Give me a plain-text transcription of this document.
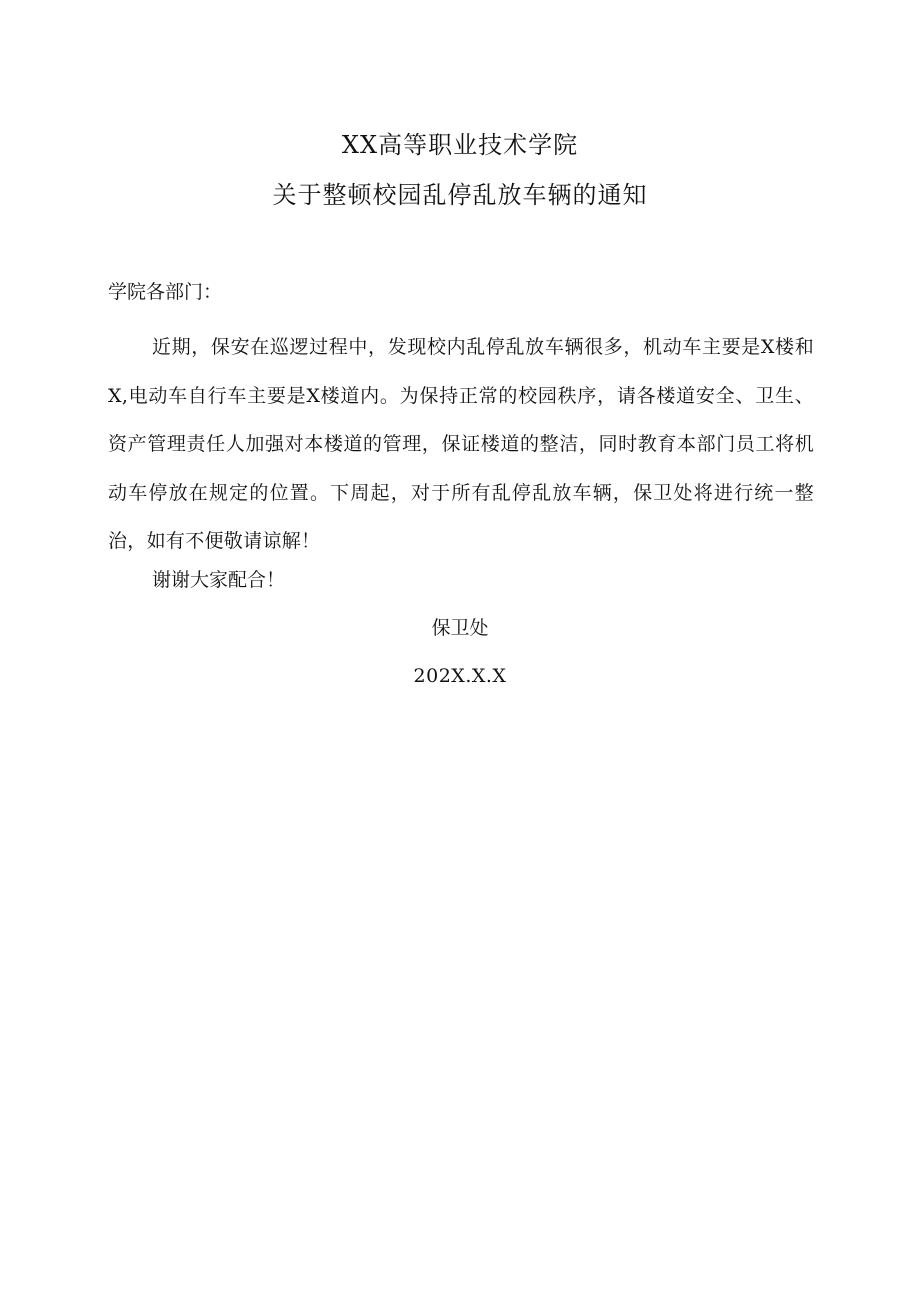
XX高等职业技术学院
关于整顿校园乱停乱放车辆的通知
学院各部门：
近期，保安在巡逻过程中，发现校内乱停乱放车辆很多，机动车主要是X楼和X,电动车自行车主要是X楼道内。为保持正常的校园秩序，请各楼道安全、卫生、资产管理责任人加强对本楼道的管理，保证楼道的整洁，同时教育本部门员工将机动车停放在规定的位置。下周起，对于所有乱停乱放车辆，保卫处将进行统一整治，如有不便敬请谅解！
谢谢大家配合！
保卫处
202X.X.X
